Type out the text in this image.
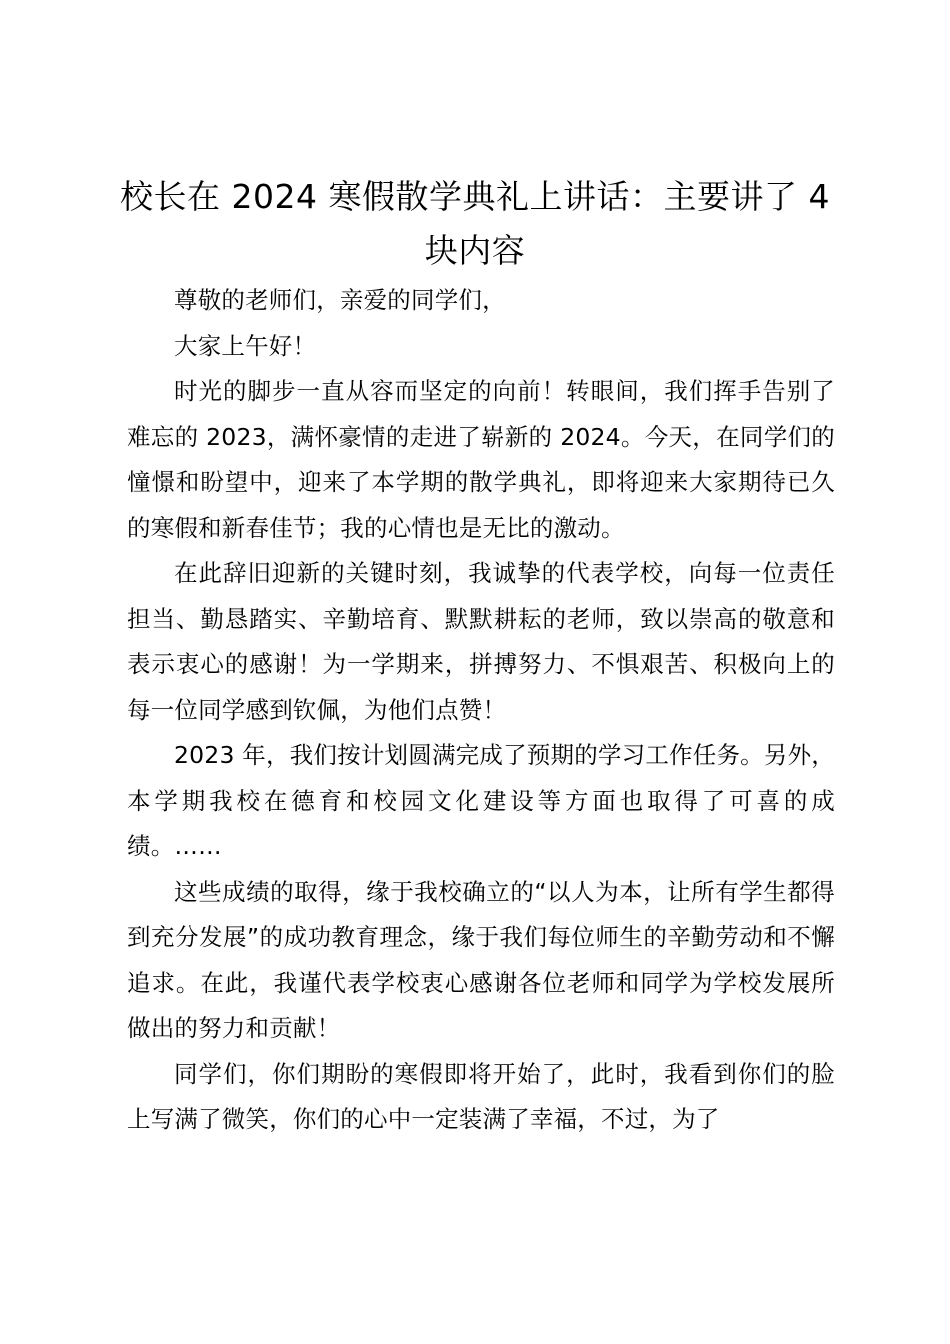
校长在 2024 寒假散学典礼上讲话：主要讲了 4 块内容

尊敬的老师们，亲爱的同学们，

大家上午好！

时光的脚步一直从容而坚定的向前！转眼间，我们挥手告别了难忘的 2023，满怀豪情的走进了崭新的 2024。今天，在同学们的憧憬和盼望中，迎来了本学期的散学典礼，即将迎来大家期待已久的寒假和新春佳节；我的心情也是无比的激动。

在此辞旧迎新的关键时刻，我诚挚的代表学校，向每一位责任担当、勤恳踏实、辛勤培育、默默耕耘的老师，致以崇高的敬意和表示衷心的感谢！为一学期来，拼搏努力、不惧艰苦、积极向上的每一位同学感到钦佩，为他们点赞！

2023 年，我们按计划圆满完成了预期的学习工作任务。另外，本学期我校在德育和校园文化建设等方面也取得了可喜的成绩。……

这些成绩的取得，缘于我校确立的“以人为本，让所有学生都得到充分发展”的成功教育理念，缘于我们每位师生的辛勤劳动和不懈追求。在此，我谨代表学校衷心感谢各位老师和同学为学校发展所做出的努力和贡献！

同学们，你们期盼的寒假即将开始了，此时，我看到你们的脸上写满了微笑，你们的心中一定装满了幸福，不过，为了
